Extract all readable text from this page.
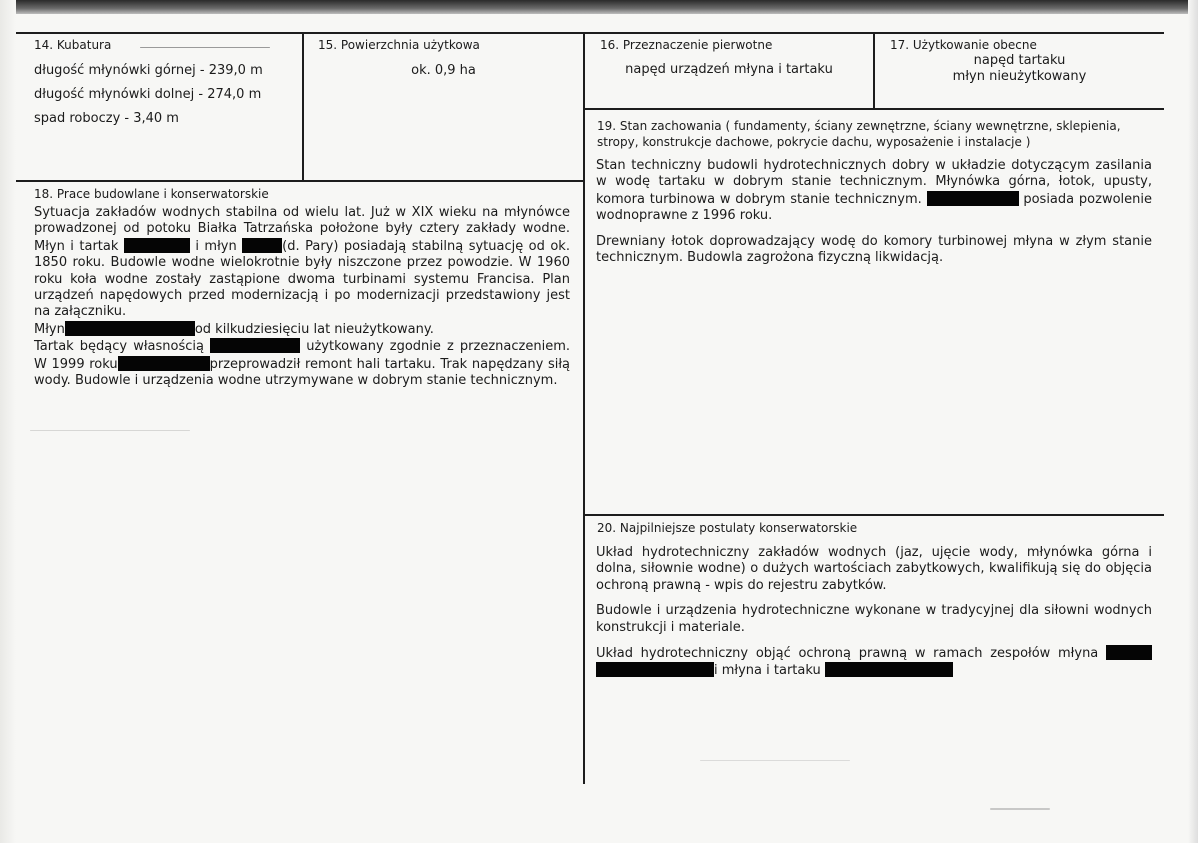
14. Kubatura
długość młynówki górnej - 239,0 m
długość młynówki dolnej - 274,0 m
spad roboczy - 3,40 m
15. Powierzchnia użytkowa
ok. 0,9 ha
16. Przeznaczenie pierwotne
napęd urządzeń młyna i tartaku
17. Użytkowanie obecne
napęd tartaku
młyn nieużytkowany
18. Prace budowlane i konserwatorskie

Sytuacja zakładów wodnych stabilna od wielu lat. Już w XIX wieku na młynówce prowadzonej od potoku Białka Tatrzańska położone były cztery zakłady wodne. Młyn i tartak	i młyn	(d. Pary) posiadają stabilną sytuację od ok. 1850 roku. Budowle wodne wielokrotnie były niszczone przez powodzie. W 1960 roku koła wodne zostały zastąpione dwoma turbinami systemu Francisa. Plan urządzeń napędowych przed modernizacją i po modernizacji przedstawiony jest na załączniku.

Młyn	od kilkudziesięciu lat nieużytkowany.

Tartak będący własnością	użytkowany zgodnie z przeznaczeniem. W 1999 roku	przeprowadził remont hali tartaku. Trak napędzany siłą wody. Budowle i urządzenia wodne utrzymywane w dobrym stanie technicznym.

19. Stan zachowania ( fundamenty, ściany zewnętrzne, ściany wewnętrzne, sklepienia, stropy, konstrukcje dachowe, pokrycie dachu, wyposażenie i instalacje )

Stan techniczny budowli hydrotechnicznych dobry w układzie dotyczącym zasilania w wodę tartaku w dobrym stanie technicznym. Młynówka górna, łotok, upusty, komora turbinowa w dobrym stanie technicznym.	posiada pozwolenie wodnoprawne z 1996 roku.

Drewniany łotok doprowadzający wodę do komory turbinowej młyna w złym stanie technicznym. Budowla zagrożona fizyczną likwidacją.

20. Najpilniejsze postulaty konserwatorskie

Układ hydrotechniczny zakładów wodnych (jaz, ujęcie wody, młynówka górna i dolna, siłownie wodne) o dużych wartościach zabytkowych, kwalifikują się do objęcia ochroną prawną - wpis do rejestru zabytków.

Budowle i urządzenia hydrotechniczne wykonane w tradycyjnej dla siłowni wodnych konstrukcji i materiale.

Układ hydrotechniczny objąć ochroną prawną w ramach zespołów młyna  i młyna i tartaku
